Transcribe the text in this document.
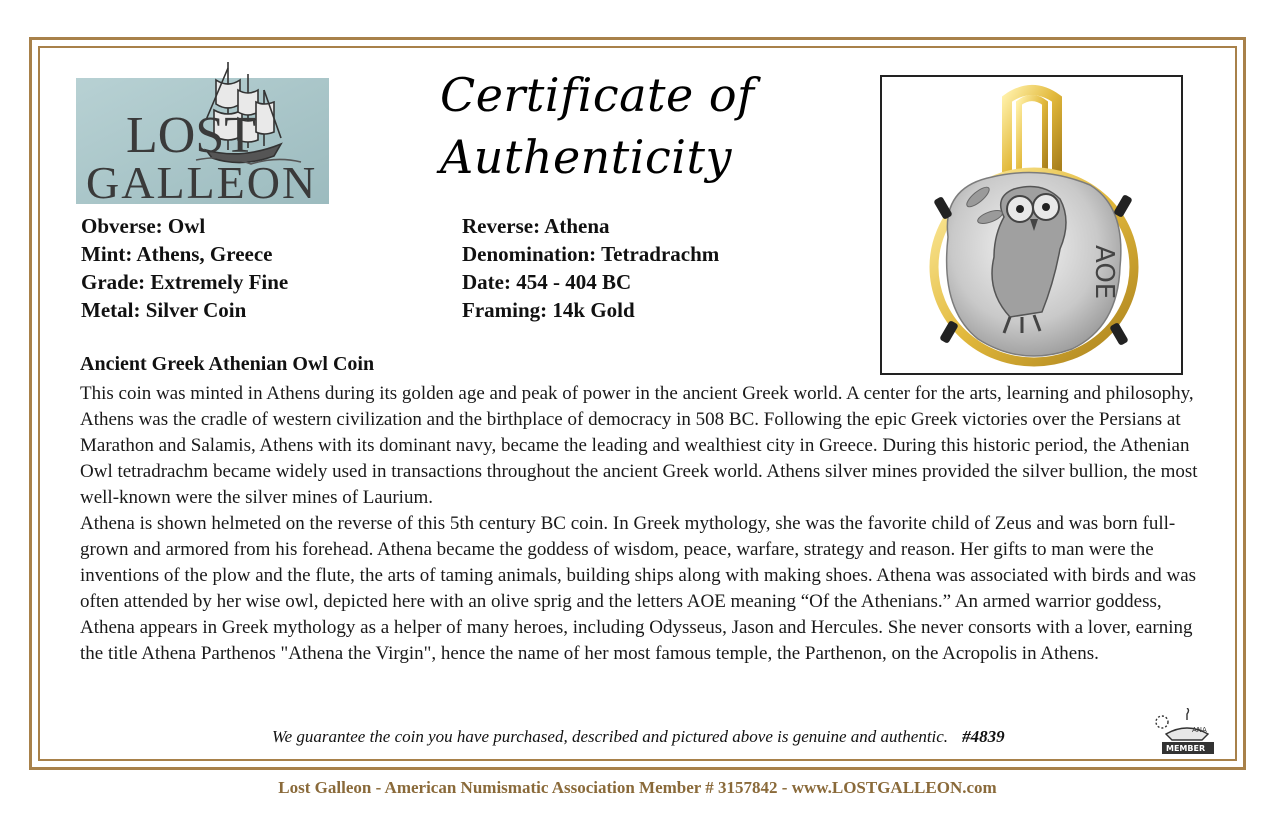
LOST
GALLEON
Certificate of
Authenticity
AOE
Obverse: Owl
Mint: Athens, Greece
Grade: Extremely Fine
Metal: Silver Coin
Reverse: Athena
Denomination: Tetradrachm
Date: 454 - 404 BC
Framing: 14k Gold
Ancient Greek Athenian Owl Coin

This coin was minted in Athens during its golden age and peak of power in the ancient Greek world. A center for the arts, learning and philosophy, Athens was the cradle of western civilization and the birthplace of democracy in 508 BC. Following the epic Greek victories over the Persians at Marathon and Salamis, Athens with its dominant navy, became the leading and wealthiest city in Greece. During this historic period, the Athenian Owl tetradrachm became widely used in transactions throughout the ancient Greek world. Athens silver mines provided the silver bullion, the most well-known were the silver mines of Laurium.

Athena is shown helmeted on the reverse of this 5th century BC coin. In Greek mythology, she was the favorite child of Zeus and was born full-grown and armored from his forehead. Athena became the goddess of wisdom, peace, warfare, strategy and reason. Her gifts to man were the inventions of the plow and the flute, the arts of taming animals, building ships along with making shoes. Athena was associated with birds and was often attended by her wise owl, depicted here with an olive sprig and the letters AOE meaning “Of the Athenians.” An armed warrior goddess, Athena appears in Greek mythology as a helper of many heroes, including Odysseus, Jason and Hercules. She never consorts with a lover, earning the title Athena Parthenos "Athena the Virgin", hence the name of her most famous temple, the Parthenon, on the Acropolis in Athens.

We guarantee the coin you have purchased, described and pictured above is genuine and authentic. #4839	ANA
MEMBER
Lost Galleon - American Numismatic Association Member # 3157842 - www.LOSTGALLEON.com
